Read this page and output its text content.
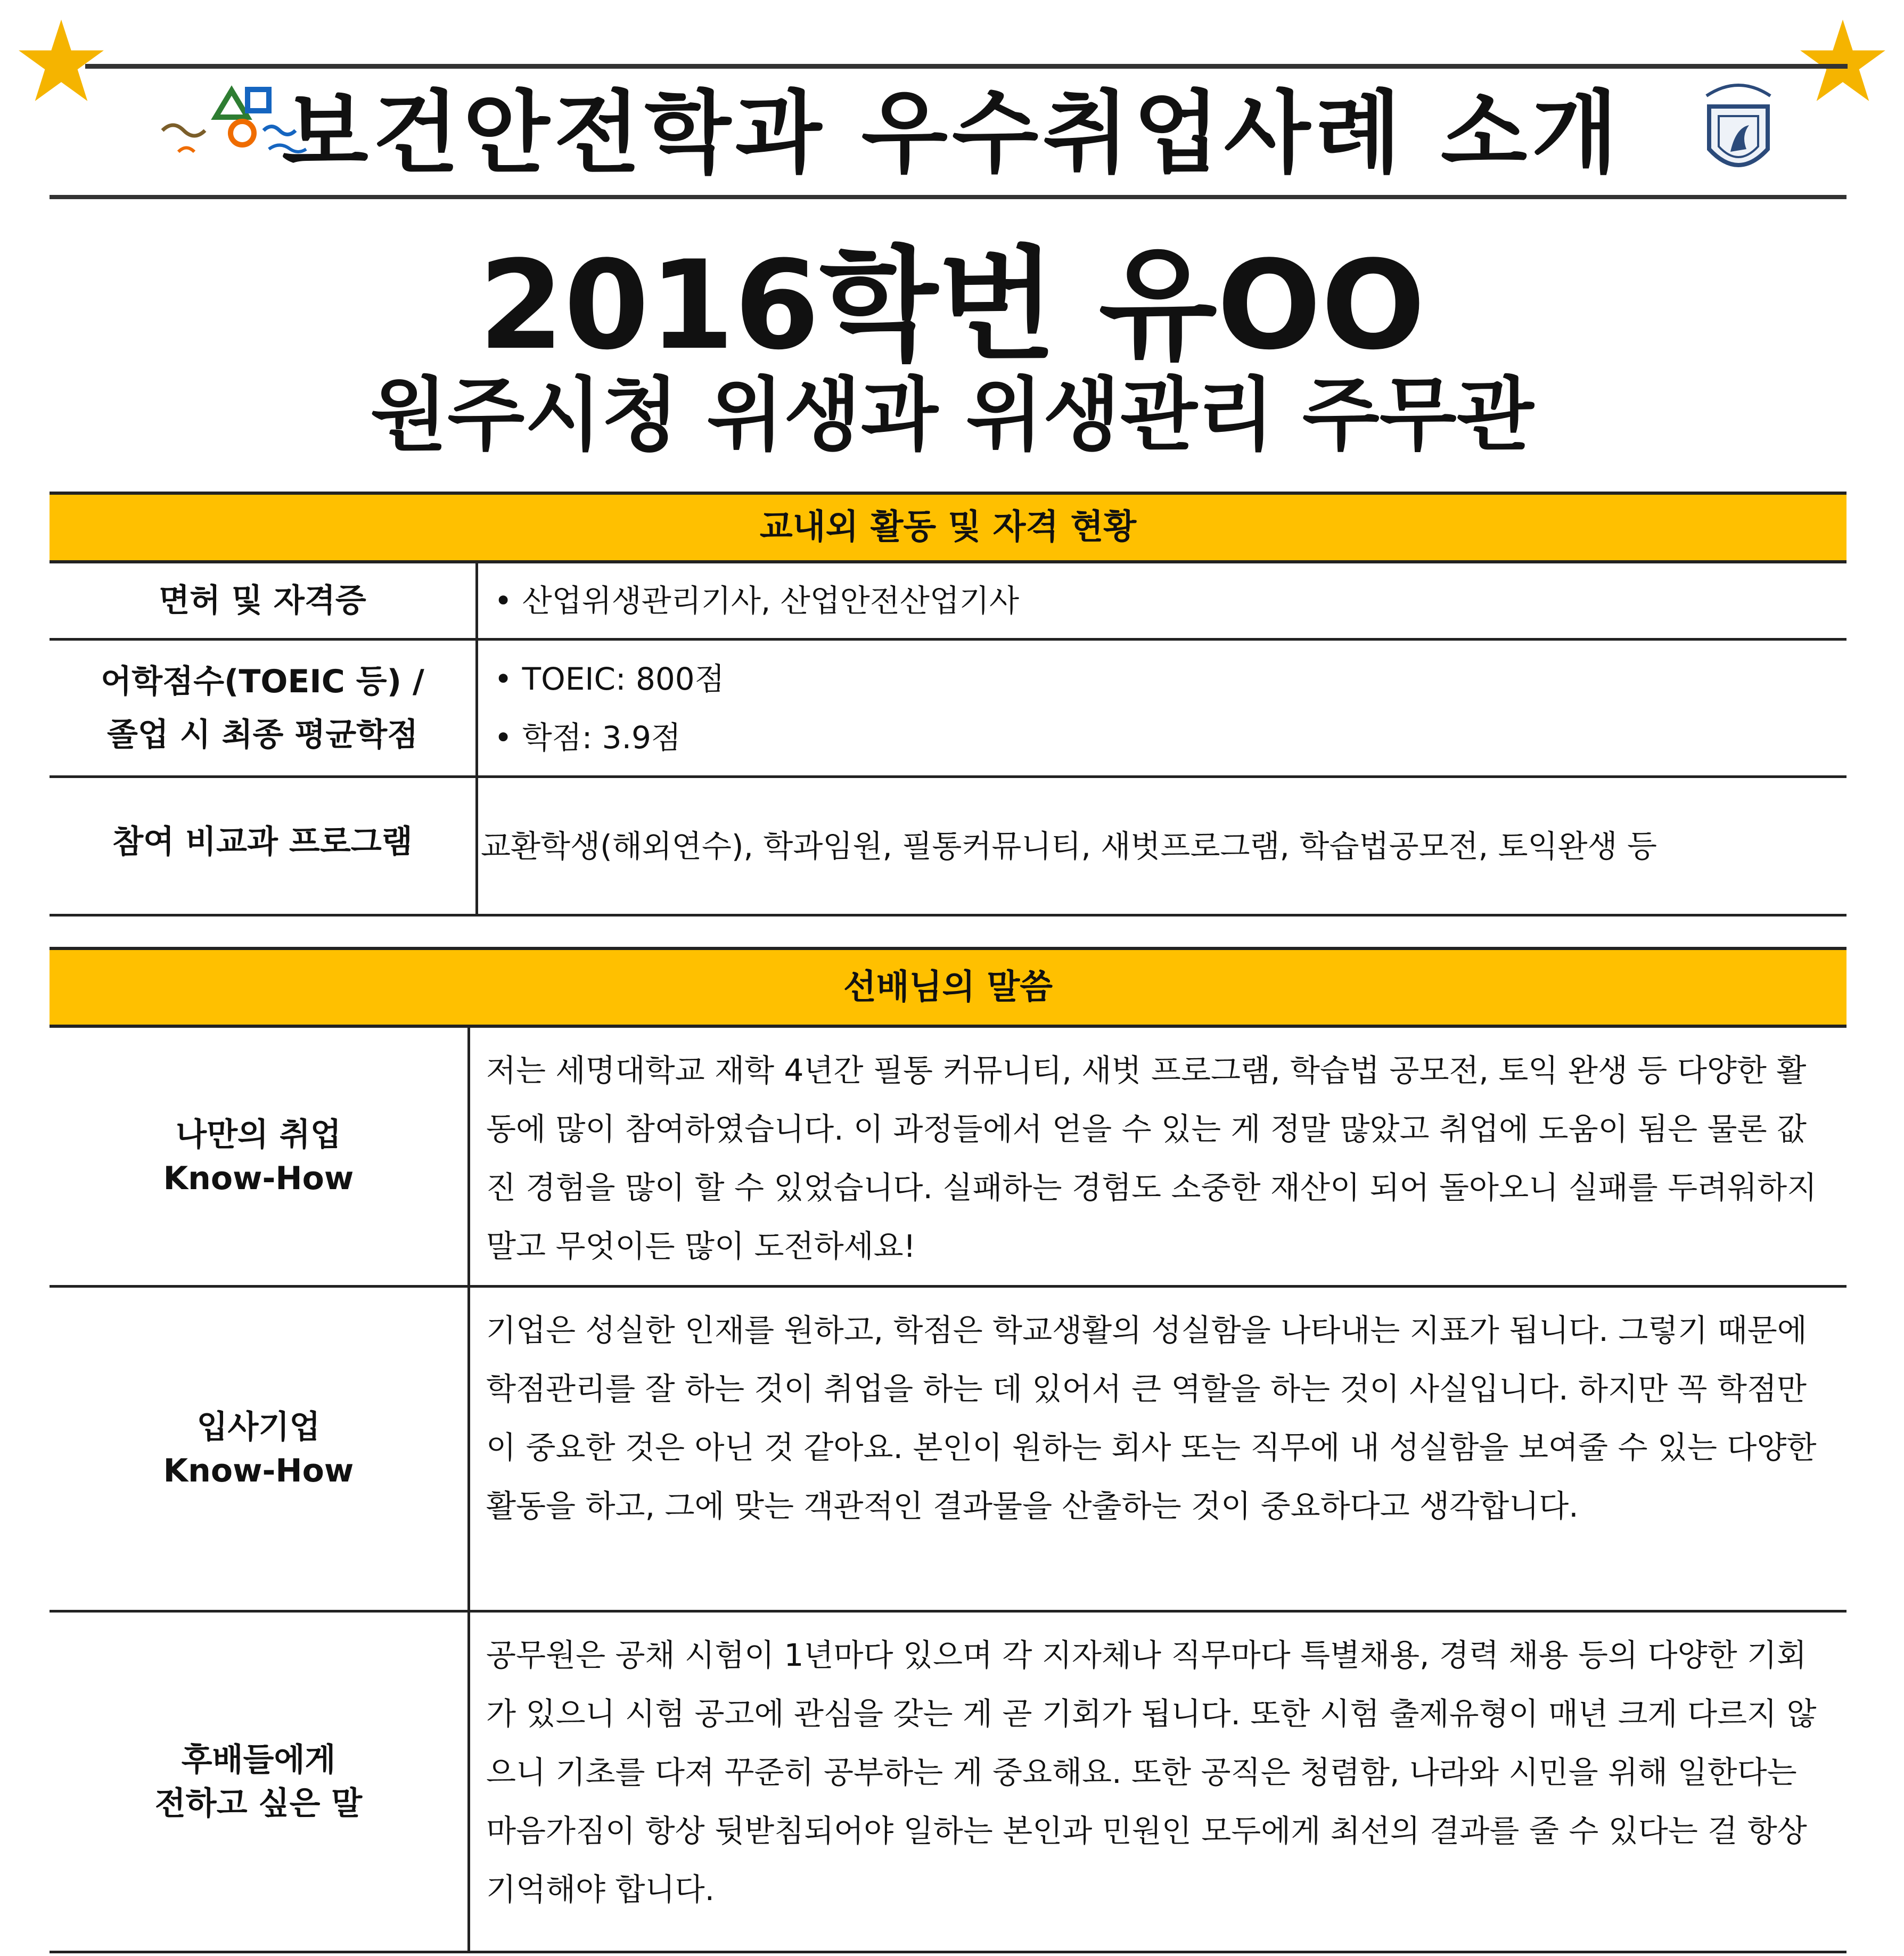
보건안전학과 우수취업사례 소개
2016학번 유OO
원주시청 위생과 위생관리 주무관
교내외 활동 및 자격 현황
면허 및 자격증	• 산업위생관리기사, 산업안전산업기사
어학점수(TOEIC 등) /
졸업 시 최종 평균학점
• TOEIC: 800점
• 학점: 3.9점
참여 비교과 프로그램	교환학생(해외연수), 학과임원, 필통커뮤니티, 새벗프로그램, 학습법공모전, 토익완생 등
선배님의 말씀
나만의 취업
Know-How
저는 세명대학교 재학 4년간 필통 커뮤니티, 새벗 프로그램, 학습법 공모전, 토익 완생 등 다양한 활
동에 많이 참여하였습니다. 이 과정들에서 얻을 수 있는 게 정말 많았고 취업에 도움이 됨은 물론 값
진 경험을 많이 할 수 있었습니다. 실패하는 경험도 소중한 재산이 되어 돌아오니 실패를 두려워하지
말고 무엇이든 많이 도전하세요!
입사기업
Know-How
기업은 성실한 인재를 원하고, 학점은 학교생활의 성실함을 나타내는 지표가 됩니다. 그렇기 때문에
학점관리를 잘 하는 것이 취업을 하는 데 있어서 큰 역할을 하는 것이 사실입니다. 하지만 꼭 학점만
이 중요한 것은 아닌 것 같아요. 본인이 원하는 회사 또는 직무에 내 성실함을 보여줄 수 있는 다양한
활동을 하고, 그에 맞는 객관적인 결과물을 산출하는 것이 중요하다고 생각합니다.
후배들에게
전하고 싶은 말
공무원은 공채 시험이 1년마다 있으며 각 지자체나 직무마다 특별채용, 경력 채용 등의 다양한 기회
가 있으니 시험 공고에 관심을 갖는 게 곧 기회가 됩니다. 또한 시험 출제유형이 매년 크게 다르지 않
으니 기초를 다져 꾸준히 공부하는 게 중요해요. 또한 공직은 청렴함, 나라와 시민을 위해 일한다는
마음가짐이 항상 뒷받침되어야 일하는 본인과 민원인 모두에게 최선의 결과를 줄 수 있다는 걸 항상
기억해야 합니다.
